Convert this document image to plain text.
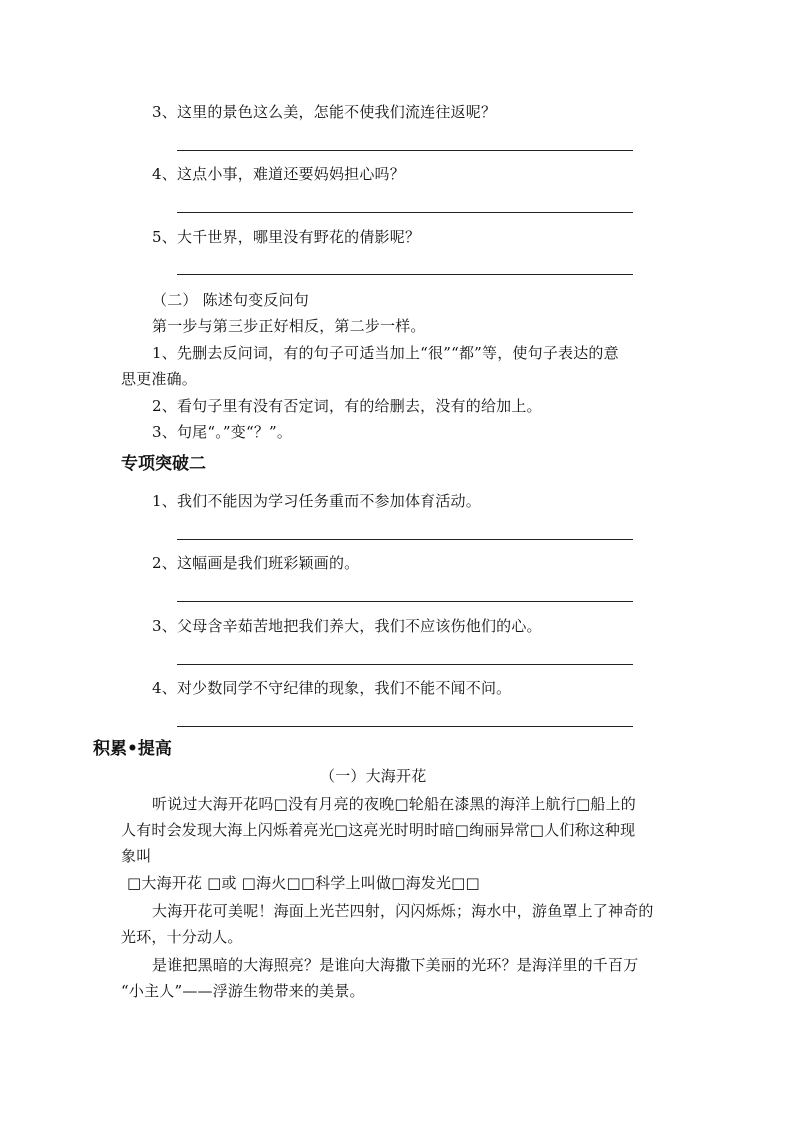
3、这里的景色这么美，怎能不使我们流连往返呢？
4、这点小事，难道还要妈妈担心吗？
5、大千世界，哪里没有野花的倩影呢？
（二） 陈述句变反问句
第一步与第三步正好相反，第二步一样。
1、先删去反问词，有的句子可适当加上“很”“都”等，使句子表达的意
思更准确。
2、看句子里有没有否定词，有的给删去，没有的给加上。
3、句尾“。”变“？”。
专项突破二
1、我们不能因为学习任务重而不参加体育活动。
2、这幅画是我们班彩颖画的。
3、父母含辛茹苦地把我们养大，我们不应该伤他们的心。
4、对少数同学不守纪律的现象，我们不能不闻不问。
积累•提高
（一）大海开花
听说过大海开花吗□没有月亮的夜晚□轮船在漆黑的海洋上航行□船上的
人有时会发现大海上闪烁着亮光□这亮光时明时暗□绚丽异常□人们称这种现
象叫
□大海开花 □或 □海火□□科学上叫做□海发光□□
大海开花可美呢！海面上光芒四射，闪闪烁烁；海水中，游鱼罩上了神奇的
光环，十分动人。
是谁把黑暗的大海照亮？是谁向大海撒下美丽的光环？是海洋里的千百万
“小主人”——浮游生物带来的美景。
